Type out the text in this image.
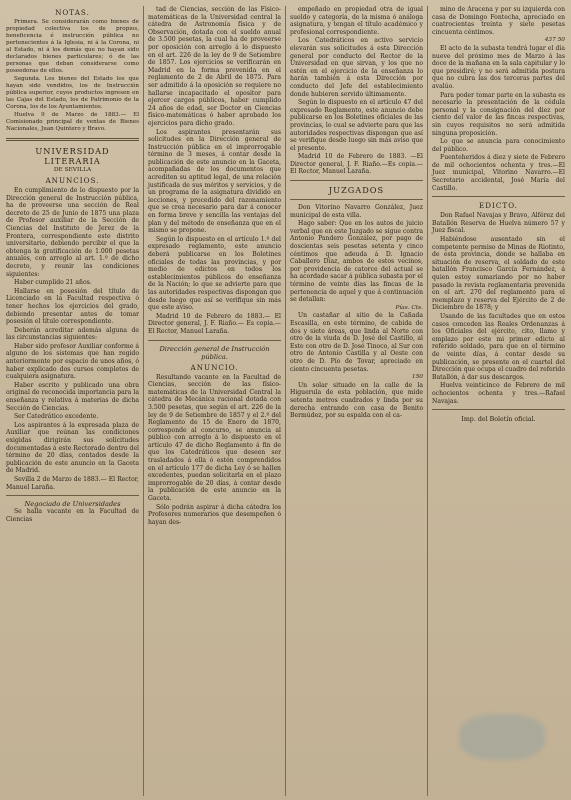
NOTAS.

Primera. Se considerarán como bienes de propiedad colectiva los de propios, beneficencia é instrucción pública no pertenecientes á la Iglesia, ni á la Corona, ni al Estado, ni á los demás que no hayan sido declarados bienes particulares; ó de las personas que deban considerarse como poseedoras de ellos.

Segunda. Los bienes del Estado los que hayan sido vendidos, los de Instrucción pública superior, cuyos productos ingresen en las Cajas del Estado, los de Patrimonio de la Corona, los de los Ayuntamientos.

Huelva 9 de Marzo de 1883.— El Comisionado principal de ventas de Bienes Nacionales, Juan Quintero y Bravo.

UNIVERSIDAD LITERARIA
DE SEVILLA
ANUNCIOS.

En cumplimiento de lo dispuesto por la Dirección general de Instrucción pública, ha de proveerse una sección de Real decreto de 25 de Junio de 1875 una plaza de Profesor auxiliar de la Sección de Ciencias del Instituto de Jerez de la Frontera, correspondiente este distrito universitario, debiendo percibir el que la obtenga la gratificación de 1.000 pesetas anuales, con arreglo al art. 1.º de dicho decreto, y reunir las condiciones siguientes:

Haber cumplido 21 años.

Hallarse en posesión del título de Licenciado en la Facultad respectiva ó tener hechos los ejercicios del grado, debiendo presentar antes de tomar posesión el título correspondiente.

Deberán acreditar además alguna de las circunstancias siguientes:

Haber sido profesor Auxiliar conforme á alguno de los sistemas que han regido anteriormente por espacio de unos años, ó haber explicado dos cursos completos de cualquiera asignatura.

Haber escrito y publicado una obra original de reconocida importancia para la enseñanza y relativa á materias de dicha Sección de Ciencias.

Ser Catedrático excedente.

Los aspirantes á la expresada plaza de Auxiliar que reúnan las condiciones exigidas dirigirán sus solicitudes documentadas á este Rectorado dentro del término de 20 días, contados desde la publicación de este anuncio en la Gaceta de Madrid.

Sevilla 2 de Marzo de 1883.— El Rector, Manuel Laraña.

Negociado de Universidades

Se halla vacante en la Facultad de Ciencias

tad de Ciencias, sección de las Físico-matemáticas de la Universidad central la cátedra de Astronomía física y de Observación, dotada con el sueldo anual de 3.500 pesetas, la cual ha de proveerse por oposición con arreglo á lo dispuesto en el art. 226 de la ley de 9 de Setiembre de 1857. Los ejercicios se verificarán en Madrid en la forma prevenida en el reglamento de 2 de Abril de 1875. Para ser admitido á la oposición se requiere no hallarse incapacitado el opositor para ejercer cargos públicos, haber cumplido 24 años de edad, ser Doctor en Ciencias físico-matemáticas ó haber aprobado los ejercicios para dicho grado.

Los aspirantes presentarán sus solicitudes en la Dirección general de Instrucción pública en el improrrogable término de 3 meses, á contar desde la publicación de este anuncio en la Gaceta, acompañadas de los documentos que acrediten su aptitud legal, de una relación justificada de sus méritos y servicios, y de un programa de la asignatura dividido en lecciones, y precedido del razonamiento que se crea necesario para dar á conocer en forma breve y sencilla las ventajas del plan y del método de enseñanza que en el mismo se propone.

Según lo dispuesto en el artículo 1.º del expresado reglamento, este anuncio deberá publicarse en los Boletines oficiales de todas las provincias, y por medio de edictos en todos los establecimientos públicos de enseñanza de la Nación; lo que se advierte para que las autoridades respectivas dispongan que desde luego que así se verifique sin más que este aviso.

Madrid 10 de Febrero de 1883.— El Director general, J. F. Riaño.— Es copia.— El Rector, Manuel Laraña.

Dirección general de Instrucción pública.
ANUNCIO.

Resultando vacante en la Facultad de Ciencias, sección de las físico-matemáticas de la Universidad Central la cátedra de Mecánica racional dotada con 3.500 pesetas, que según el art. 226 de la ley de 9 de Setiembre de 1857 y el 2.º del Reglamento de 15 de Enero de 1870, corresponde al concurso, se anuncia al público con arreglo á lo dispuesto en el artículo 47 de dicho Reglamento á fin de que los Catedráticos que deseen ser trasladados á ella ó estén comprendidos en el artículo 177 de dicha Ley ó se hallen excedentes, puedan solicitarla en el plazo improrrogable de 20 días, á contar desde la publicación de este anuncio en la Gaceta.

Sólo podrán aspirar á dicha cátedra los Profesores numerarios que desempeñen ó hayan des-

empeñado en propiedad otra de igual sueldo y categoría, de la misma ó análoga asignatura, y tengan el título académico y profesional correspondiente.

Los Catedráticos en activo servicio elevarán sus solicitudes á esta Dirección general por conducto del Rector de la Universidad en que sirvan, y los que no estén en el ejercicio de la enseñanza lo harán también á esta Dirección por conducto del Jefe del establecimiento donde hubieren servido últimamente.

Según lo dispuesto en el artículo 47 del expresado Reglamento, este anuncio debe publicarse en los Boletines oficiales de las provincias, lo cual se advierte para que las autoridades respectivas dispongan que así se verifique desde luego sin más aviso que el presente.

Madrid 10 de Febrero de 1883. —El Director general, J. F. Riaño.—Es copia.—El Rector, Manuel Laraña.

JUZGADOS

Don Vitorino Navarro González, Juez municipal de esta villa.

Hago saber: Que en los autos de juicio verbal que en este Juzgado se sigue contra Antonio Pandero González, por pago de doscientas seis pesetas setenta y cinco céntimos que adeuda á D. Ignacio Caballero Díaz, ambos de estos vecinos, por providencia de catorce del actual se ha acordado sacar á pública subasta por el término de veinte días las fincas de la pertenencia de aquel y que á continuación se detallan:

Pías. Cts.

Un castañar al sitio de la Cañada Escasilla, en este término, de cabida de dos y siete áreas, que linda al Norte con otro de la viuda de D. José del Castillo, al Este con otro de D. José Tinoco, al Sur con otro de Antonio Castilla y al Oeste con otro de D. Pío de Tovar, apreciado en ciento cincuenta pesetas.

150

Un solar situado en la calle de la Higuerula de esta población, que mide setenta metros cuadrados y linda por su derecha entrando con casa de Benito Bermúdez, por su espalda con el ca-

mino de Aracena y por su izquierda con casa de Domingo Fontecha, apreciado en cuatrocientas treinta y siete pesetas cincuenta céntimos.

437 50

El acto de la subasta tendrá lugar el día nueve del próximo mes de Marzo á las doce de la mañana en la sala capitular y lo que presidiré; y no será admitida postura que no cubra las dos terceras partes del avalúo.

Para poder tomar parte en la subasta es necesario la presentación de la cédula personal y la consignación del diez por ciento del valor de las fincas respectivas, sin cuyos requisitos no será admitida ninguna proposición.

Lo que se anuncia para conocimiento del público.

Fuenteheridos á diez y siete de Febrero de mil ochocientos ochenta y tres.—El Juez municipal, Vitorino Navarro.—El Secretario accidental, José María del Castillo.

EDICTO.

Don Rafael Navajas y Bravo, Alférez del Batallón Reserva de Huelva número 57 y Juez fiscal.

Habiéndose ausentado sin el competente permiso de Minas de Riotinto, de esta provincia, donde se hallaba en situación de reserva, el soldado de este batallón Francisco García Fernández, á quien estoy sumariando por no haber pasado la revista reglamentaria prevenida en el art. 270 del reglamento para el reemplazo y reserva del Ejército de 2 de Diciembre de 1878; y

Usando de las facultades que en estos casos conceden las Reales Ordenanzas á los Oficiales del ejército, cito, llamo y emplazo por este mi primer edicto al referido soldado, para que en el término de veinte días, á contar desde su publicación, se presente en el cuartel del Dirección que ocupa el cuadro del referido Batallón, á dar sus descargos.

Huelva veinticinco de Febrero de mil ochocientos ochenta y tres.—Rafael Navajas.

Imp. del Boletín oficial.
